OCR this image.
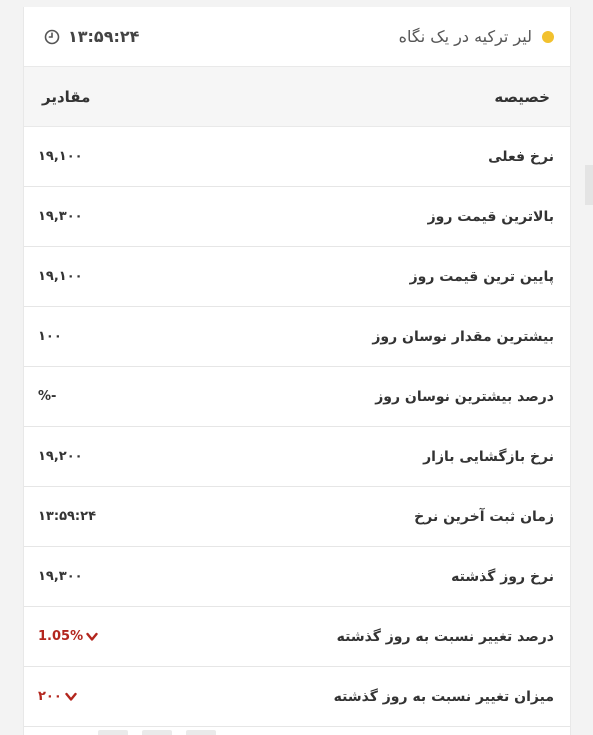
لیر ترکیه در یک نگاه
۱۳:۵۹:۲۴
خصیصه
مقادیر
نرخ فعلی
۱۹,۱۰۰
بالاترین قیمت روز
۱۹,۳۰۰
پایین ترین قیمت روز
۱۹,۱۰۰
بیشترین مقدار نوسان روز
۱۰۰
درصد بیشترین نوسان روز
%-
نرخ بازگشایی بازار
۱۹,۲۰۰
زمان ثبت آخرین نرخ
۱۳:۵۹:۲۴
نرخ روز گذشته
۱۹,۳۰۰
درصد تغییر نسبت به روز گذشته
1.05%
میزان تغییر نسبت به روز گذشته
۲۰۰
